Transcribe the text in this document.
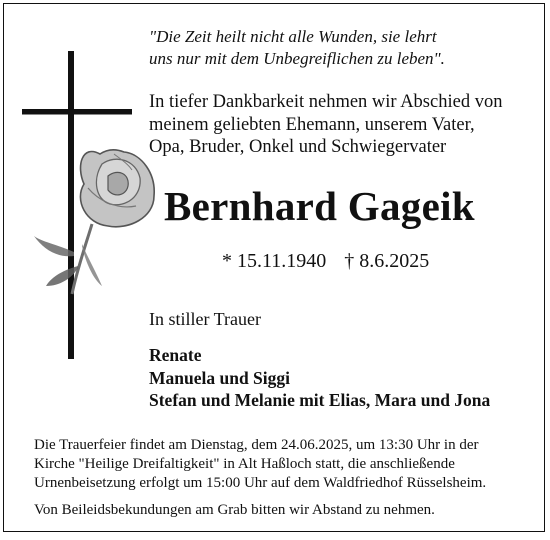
"Die Zeit heilt nicht alle Wunden, sie lehrt
uns nur mit dem Unbegreiflichen zu leben".
In tiefer Dankbarkeit nehmen wir Abschied von
meinem geliebten Ehemann, unserem Vater,
Opa, Bruder, Onkel und Schwiegervater
Bernhard Gageik
* 15.11.1940 † 8.6.2025
In stiller Trauer
Renate
Manuela und Siggi
Stefan und Melanie mit Elias, Mara und Jona
Die Trauerfeier findet am Dienstag, dem 24.06.2025, um 13:30 Uhr in der
Kirche "Heilige Dreifaltigkeit" in Alt Haßloch statt, die anschließende
Urnenbeisetzung erfolgt um 15:00 Uhr auf dem Waldfriedhof Rüsselsheim.
Von Beileidsbekundungen am Grab bitten wir Abstand zu nehmen.
